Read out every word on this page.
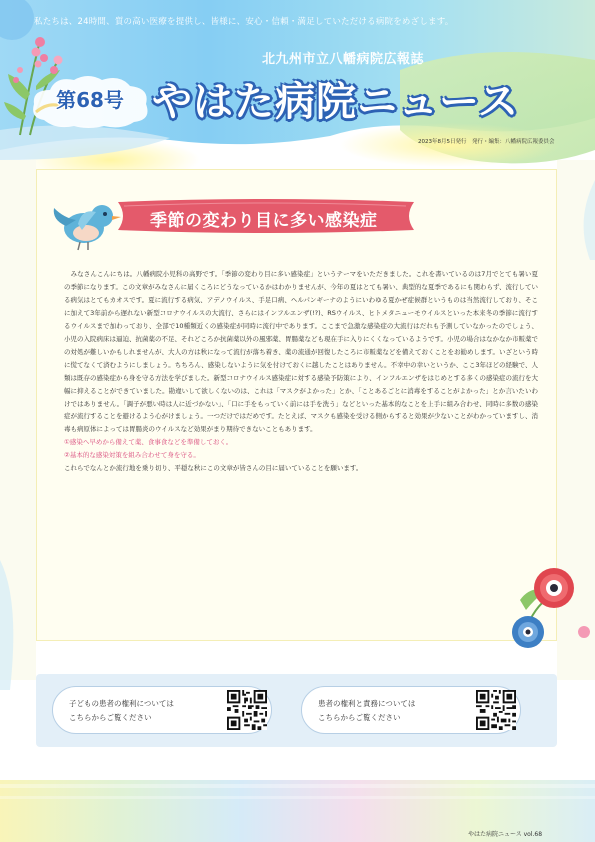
私たちは、24時間、質の高い医療を提供し、皆様に、安心・信頼・満足していただける病院をめざします。
北九州市立八幡病院広報誌
第68号 やはた病院ニュース
2023年8月5日発行　発行・編集：八幡病院広報委員会
季節の変わり目に多い感染症

　みなさんこんにちは。八幡病院小児科の高野です。「季節の変わり目に多い感染症」というテーマをいただきました。これを書いているのは7月でとても暑い夏の季節になります。この文章がみなさんに届くころにどうなっているかはわかりませんが、今年の夏はとても暑い、典型的な夏季であるにも関わらず、流行している病気はとてもカオスです。夏に流行する病気、アデノウイルス、手足口病、ヘルパンギーナのようにいわゆる夏かぜ症候群というものは当然流行しており、そこに加えて3年前から遅れない新型コロナウイルスの大流行、さらにはインフルエンザ(!?)、RSウイルス、ヒトメタニューモウイルスといった本来冬の季節に流行するウイルスまで加わっており、全部で10種類近くの感染症が同時に流行中であります。ここまで急激な感染症の大流行はだれも予測していなかったのでしょう、小児の入院病床は逼迫、抗菌薬の不足、それどころか抗菌薬以外の風邪薬、胃腸薬なども現在手に入りにくくなっているようです。小児の場合はなかなか市販薬での対処が難しいかもしれませんが、大人の方は秋になって流行が落ち着き、薬の流通が回復したころに市販薬などを備えておくことをお勧めします。いざという時に慌てなくて済むようにしましょう。ちちろん、感染しないように気を付けておくに越したことはありません。不幸中の幸いというか、ここ3年ほどの経験で、人類は既存の感染症から身を守る方法を学びました。新型コロナウイルス感染症に対する感染予防策により、インフルエンザをはじめとする多くの感染症の流行を大幅に抑えることができていました。勘違いして欲しくないのは、これは「マスクがよかった」とか、「ことあるごとに消毒をすることがよかった」とか言いたいわけではありません。「調子が悪い時は人に近づかない」、「口に手をもっていく前には手を洗う」などといった基本的なことを上手に組み合わせ、同時に多数の感染症が流行することを避けるよう心がけましょう。一つだけではだめです。たとえば、マスクも感染を受ける側からすると効果が少ないことがわかっていますし、消毒も病原体によっては胃腸炎のウイルスなど効果がまり期待できないこともあります。

①感染へ早めから備えて薬、食事食などを準備しておく。

②基本的な感染対策を組み合わせて身を守る。

これらでなんとか流行地を乗り切り、平穏な秋にこの文章が皆さんの目に届いていることを願います。

子どもの患者の権利については
こちらからご覧ください
患者の権利と責務については
こちらからご覧ください
やはた病院ニュース vol.68
